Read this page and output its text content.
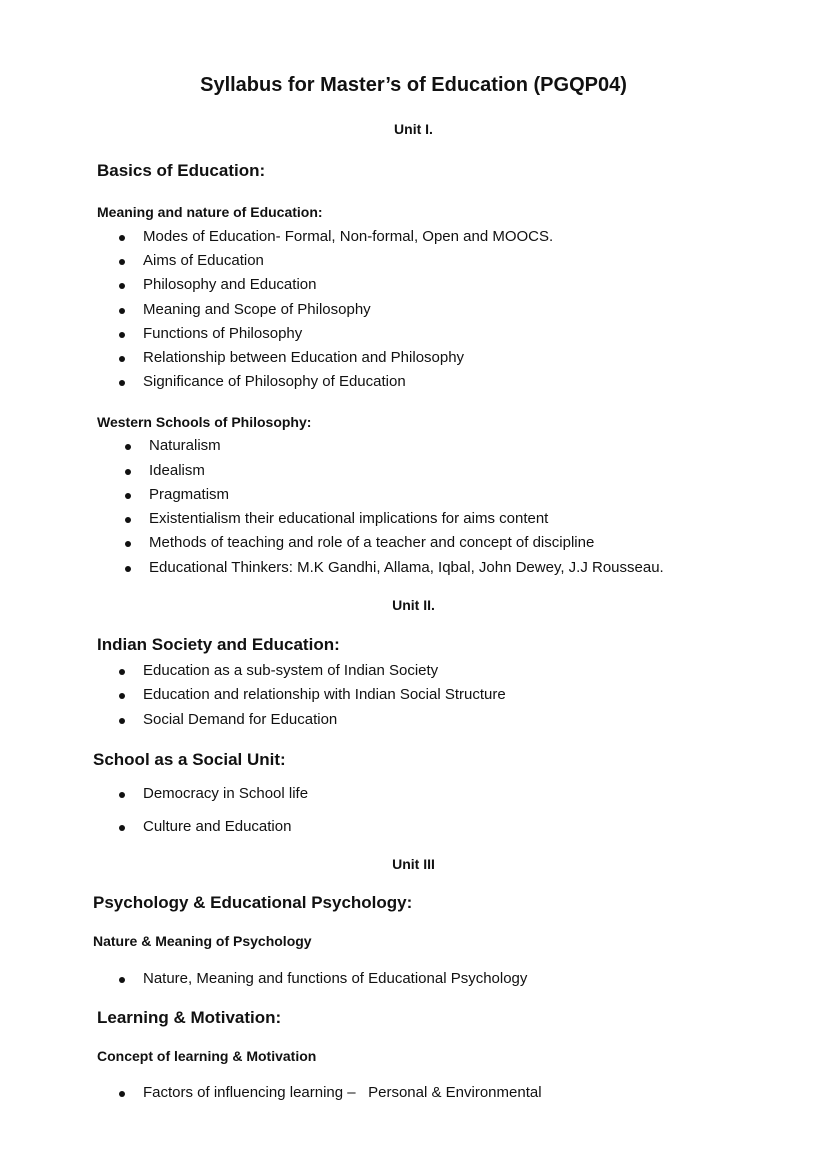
Syllabus for Master’s of Education (PGQP04)
Unit I.
Basics of Education:
Meaning and nature of Education:
Modes of Education- Formal, Non-formal, Open and MOOCS.
Aims of Education
Philosophy and Education
Meaning and Scope of Philosophy
Functions of Philosophy
Relationship between Education and Philosophy
Significance of Philosophy of Education
Western Schools of Philosophy:
Naturalism
Idealism
Pragmatism
Existentialism their educational implications for aims content
Methods of teaching and role of a teacher and concept of discipline
Educational Thinkers: M.K Gandhi, Allama, Iqbal, John Dewey, J.J Rousseau.
Unit II.
Indian Society and Education:
Education as a sub-system of Indian Society
Education and relationship with Indian Social Structure
Social Demand for Education
School as a Social Unit:
Democracy in School life
Culture and Education
Unit III
Psychology & Educational Psychology:
Nature & Meaning of Psychology
Nature, Meaning and functions of Educational Psychology
Learning & Motivation:
Concept of learning & Motivation
Factors of influencing learning –   Personal & Environmental
